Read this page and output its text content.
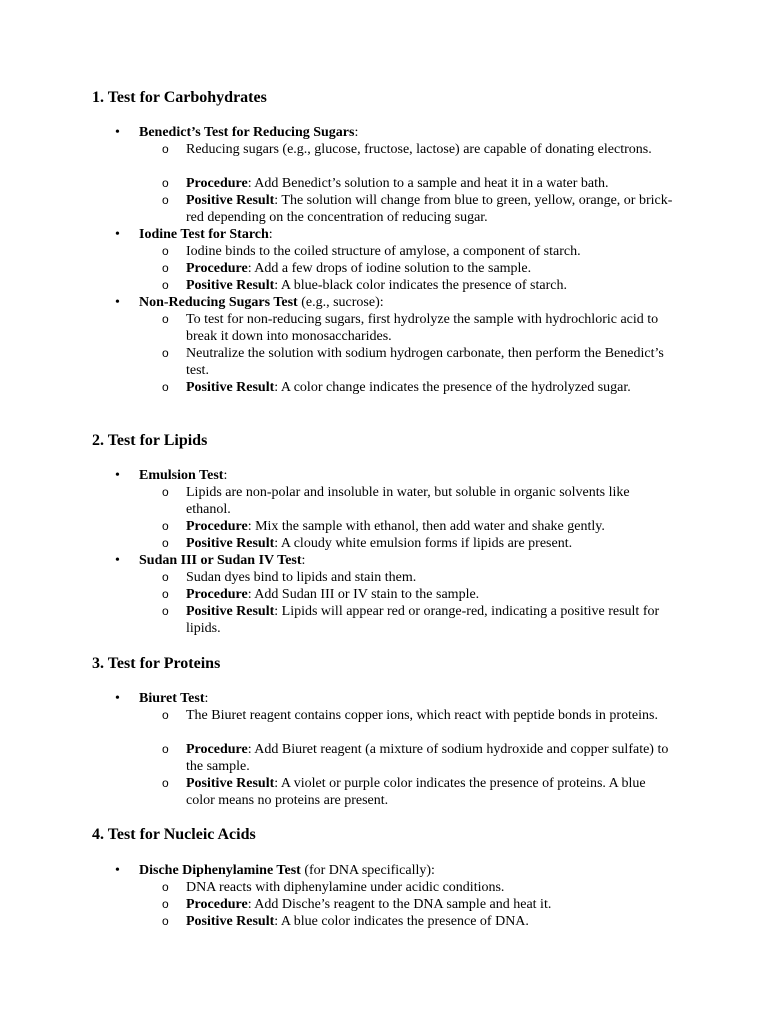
1. Test for Carbohydrates
• Benedict’s Test for Reducing Sugars:
o Reducing sugars (e.g., glucose, fructose, lactose) are capable of donating electrons.
o Procedure: Add Benedict’s solution to a sample and heat it in a water bath.
o Positive Result: The solution will change from blue to green, yellow, orange, or brick-red depending on the concentration of reducing sugar.
• Iodine Test for Starch:
o Iodine binds to the coiled structure of amylose, a component of starch.
o Procedure: Add a few drops of iodine solution to the sample.
o Positive Result: A blue-black color indicates the presence of starch.
• Non-Reducing Sugars Test (e.g., sucrose):
o To test for non-reducing sugars, first hydrolyze the sample with hydrochloric acid to break it down into monosaccharides.
o Neutralize the solution with sodium hydrogen carbonate, then perform the Benedict’s test.
o Positive Result: A color change indicates the presence of the hydrolyzed sugar.
2. Test for Lipids
• Emulsion Test:
o Lipids are non-polar and insoluble in water, but soluble in organic solvents like ethanol.
o Procedure: Mix the sample with ethanol, then add water and shake gently.
o Positive Result: A cloudy white emulsion forms if lipids are present.
• Sudan III or Sudan IV Test:
o Sudan dyes bind to lipids and stain them.
o Procedure: Add Sudan III or IV stain to the sample.
o Positive Result: Lipids will appear red or orange-red, indicating a positive result for lipids.
3. Test for Proteins
• Biuret Test:
o The Biuret reagent contains copper ions, which react with peptide bonds in proteins.
o Procedure: Add Biuret reagent (a mixture of sodium hydroxide and copper sulfate) to the sample.
o Positive Result: A violet or purple color indicates the presence of proteins. A blue color means no proteins are present.
4. Test for Nucleic Acids
• Dische Diphenylamine Test (for DNA specifically):
o DNA reacts with diphenylamine under acidic conditions.
o Procedure: Add Dische’s reagent to the DNA sample and heat it.
o Positive Result: A blue color indicates the presence of DNA.
